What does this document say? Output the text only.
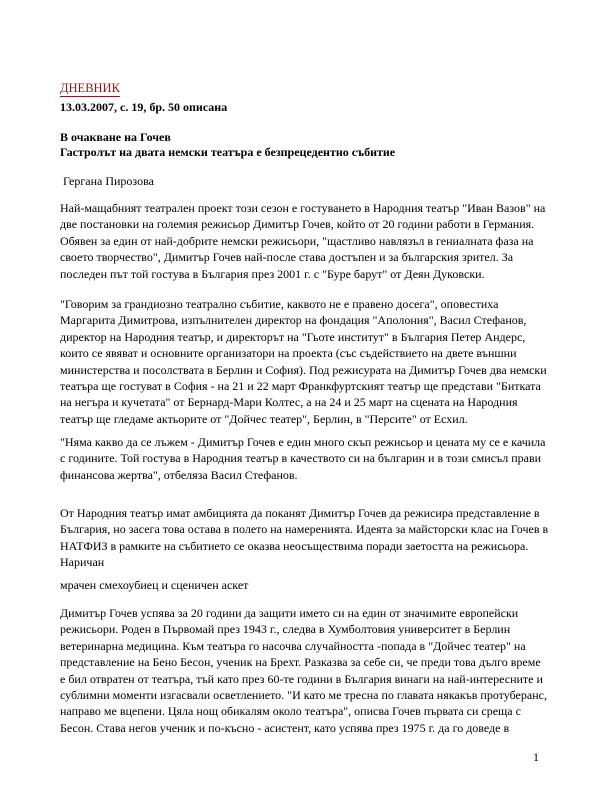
ДНЕВНИК
13.03.2007, с. 19, бр. 50 описана
В очакване на Гочев
Гастролът на двата немски театъра е безпрецедентно събитие
Гергана Пирозова
Най-мащабният театрален проект този сезон е гостуването в Народния театър "Иван Вазов" на
две постановки на големия режисьор Димитър Гочев, който от 20 години работи в Германия.
Обявен за един от най-добрите немски режисьори, "щастливо навлязъл в гениалната фаза на
своето творчество", Димитър Гочев най-после става достъпен и за българския зрител. За
последен път той гостува в България през 2001 г. с "Буре барут" от Деян Дуковски.
"Говорим за грандиозно театрално събитие, каквото не е правено досега", оповестиха
Маргарита Димитрова, изпълнителен директор на фондация "Аполония", Васил Стефанов,
директор на Народния театър, и директорът на "Гьоте институт" в България Петер Андерс,
които се явяват и основните организатори на проекта (със съдействието на двете външни
министерства и посолствата в Берлин и София). Под режисурата на Димитър Гочев два немски
театъра ще гостуват в София - на 21 и 22 март Франкфуртският театър ще представи "Битката
на негъра и кучетата" от Бернард-Мари Колтес, а на 24 и 25 март на сцената на Народния
театър ще гледаме актьорите от "Дойчес театер", Берлин, в "Персите" от Есхил.
"Няма какво да се лъжем - Димитър Гочев е един много скъп режисьор и цената му се е качила
с годините. Той гостува в Народния театър в качеството си на българин и в този смисъл прави
финансова жертва", отбеляза Васил Стефанов.
От Народния театър имат амбицията да поканят Димитър Гочев да режисира представление в
България, но засега това остава в полето на намеренията. Идеята за майсторски клас на Гочев в
НАТФИЗ в рамките на събитието се оказва неосъществима поради заетостта на режисьора.
Наричан
мрачен смехоубиец и сценичен аскет
Димитър Гочев успява за 20 години да защити името си на един от значимите европейски
режисьори. Роден в Първомай през 1943 г., следва в Хумболтовия университет в Берлин
ветеринарна медицина. Към театъра го насочва случайността -попада в "Дойчес театер" на
представление на Бено Бесон, ученик на Брехт. Разказва за себе си, че преди това дълго време
е бил отвратен от театъра, тъй като през 60-те години в България винаги на най-интересните и
сублимни моменти изгасвали осветлението. "И като ме тресна по главата някакъв протуберанс,
направо ме вцепени. Цяла нощ обикалям около театъра", описва Гочев първата си среща с
Бесон. Става негов ученик и по-късно - асистент, като успява през 1975 г. да го доведе в
1
